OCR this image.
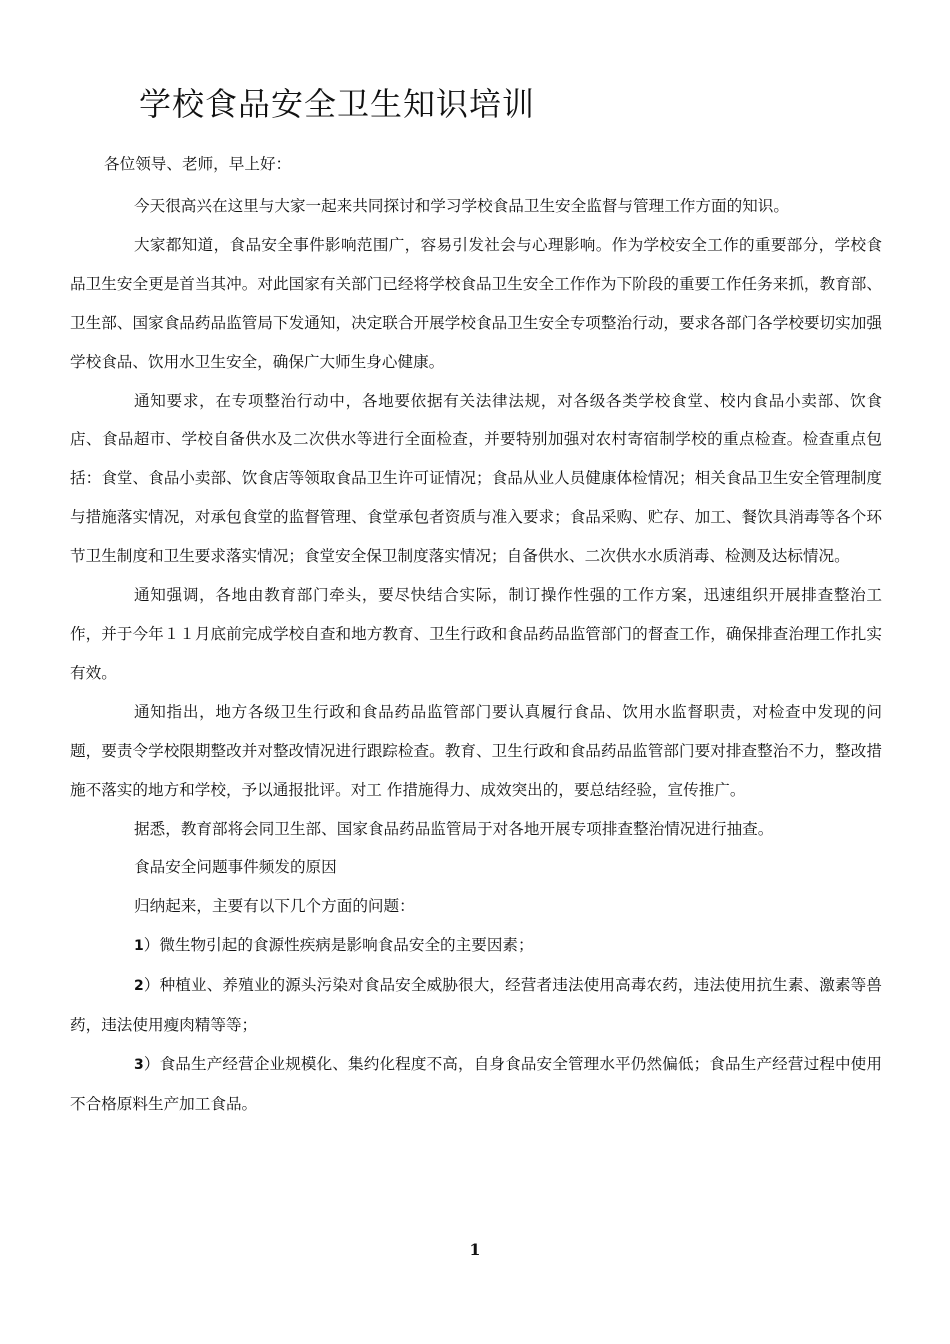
学校食品安全卫生知识培训
各位领导、老师，早上好：

今天很高兴在这里与大家一起来共同探讨和学习学校食品卫生安全监督与管理工作方面的知识。

大家都知道，食品安全事件影响范围广，容易引发社会与心理影响。作为学校安全工作的重要部分，学校食品卫生安全更是首当其冲。对此国家有关部门已经将学校食品卫生安全工作作为下阶段的重要工作任务来抓，教育部、卫生部、国家食品药品监管局下发通知，决定联合开展学校食品卫生安全专项整治行动，要求各部门各学校要切实加强学校食品、饮用水卫生安全，确保广大师生身心健康。

通知要求，在专项整治行动中，各地要依据有关法律法规，对各级各类学校食堂、校内食品小卖部、饮食店、食品超市、学校自备供水及二次供水等进行全面检查，并要特别加强对农村寄宿制学校的重点检查。检查重点包括：食堂、食品小卖部、饮食店等领取食品卫生许可证情况；食品从业人员健康体检情况；相关食品卫生安全管理制度与措施落实情况，对承包食堂的监督管理、食堂承包者资质与准入要求；食品采购、贮存、加工、餐饮具消毒等各个环节卫生制度和卫生要求落实情况；食堂安全保卫制度落实情况；自备供水、二次供水水质消毒、检测及达标情况。

通知强调，各地由教育部门牵头，要尽快结合实际，制订操作性强的工作方案，迅速组织开展排查整治工作，并于今年１１月底前完成学校自查和地方教育、卫生行政和食品药品监管部门的督查工作，确保排查治理工作扎实有效。

通知指出，地方各级卫生行政和食品药品监管部门要认真履行食品、饮用水监督职责，对检查中发现的问题，要责令学校限期整改并对整改情况进行跟踪检查。教育、卫生行政和食品药品监管部门要对排查整治不力，整改措施不落实的地方和学校，予以通报批评。对工 作措施得力、成效突出的，要总结经验，宣传推广。

据悉，教育部将会同卫生部、国家食品药品监管局于对各地开展专项排查整治情况进行抽查。

食品安全问题事件频发的原因

归纳起来，主要有以下几个方面的问题：

1）微生物引起的食源性疾病是影响食品安全的主要因素；

2）种植业、养殖业的源头污染对食品安全威胁很大，经营者违法使用高毒农药，违法使用抗生素、激素等兽药，违法使用瘦肉精等等；

3）食品生产经营企业规模化、集约化程度不高，自身食品安全管理水平仍然偏低；食品生产经营过程中使用不合格原料生产加工食品。

1
